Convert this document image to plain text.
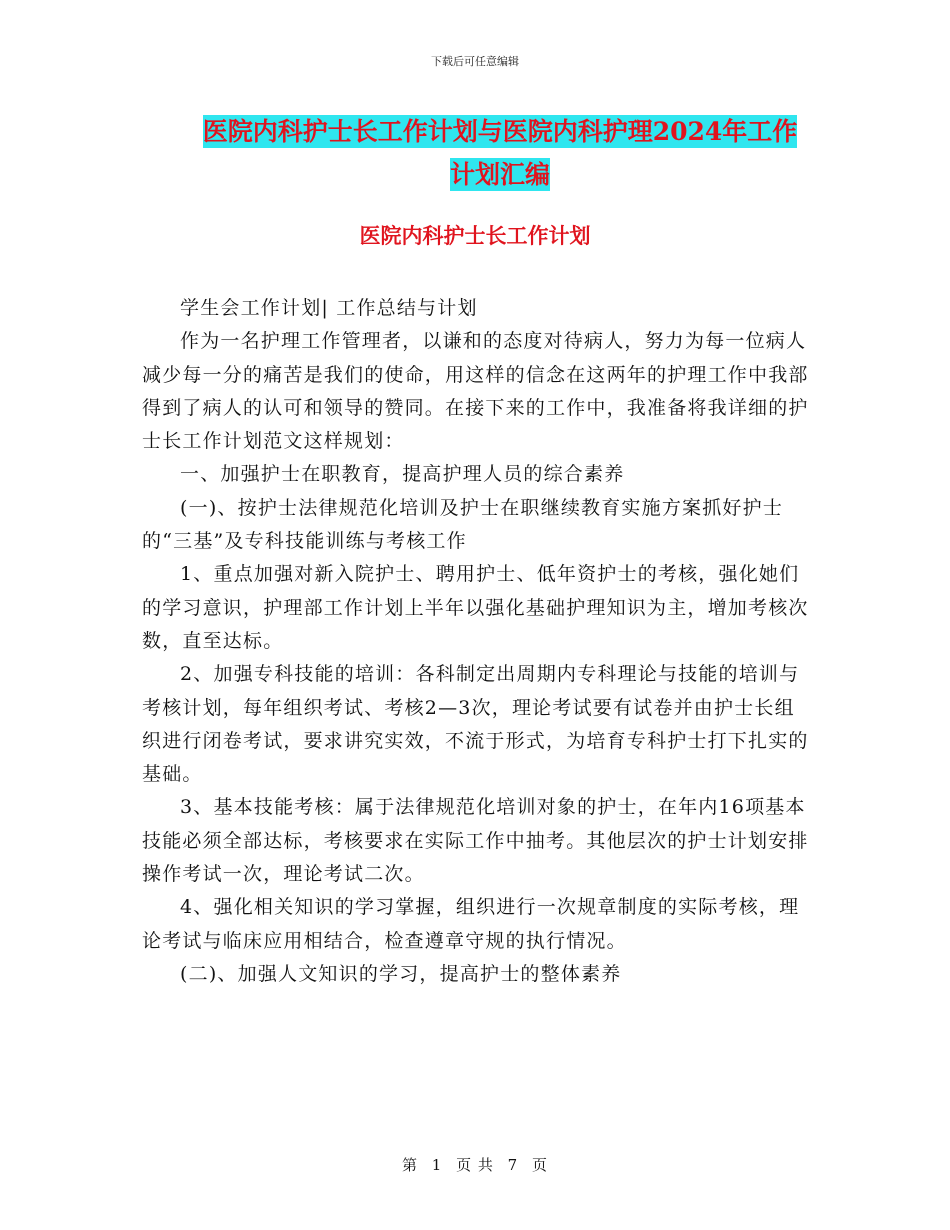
下载后可任意编辑
医院内科护士长工作计划与医院内科护理2024年工作
计划汇编
医院内科护士长工作计划

学生会工作计划| 工作总结与计划

作为一名护理工作管理者，以谦和的态度对待病人，努力为每一位病人减少每一分的痛苦是我们的使命，用这样的信念在这两年的护理工作中我部得到了病人的认可和领导的赞同。在接下来的工作中，我准备将我详细的护士长工作计划范文这样规划：

一、加强护士在职教育，提高护理人员的综合素养

(一)、按护士法律规范化培训及护士在职继续教育实施方案抓好护士的“三基”及专科技能训练与考核工作

1、重点加强对新入院护士、聘用护士、低年资护士的考核，强化她们的学习意识，护理部工作计划上半年以强化基础护理知识为主，增加考核次数，直至达标。

2、加强专科技能的培训：各科制定出周期内专科理论与技能的培训与考核计划，每年组织考试、考核2—3次，理论考试要有试卷并由护士长组织进行闭卷考试，要求讲究实效，不流于形式，为培育专科护士打下扎实的基础。

3、基本技能考核：属于法律规范化培训对象的护士，在年内16项基本技能必须全部达标，考核要求在实际工作中抽考。其他层次的护士计划安排操作考试一次，理论考试二次。

4、强化相关知识的学习掌握，组织进行一次规章制度的实际考核，理论考试与临床应用相结合，检查遵章守规的执行情况。

(二)、加强人文知识的学习，提高护士的整体素养

第 1 页 共 7 页
